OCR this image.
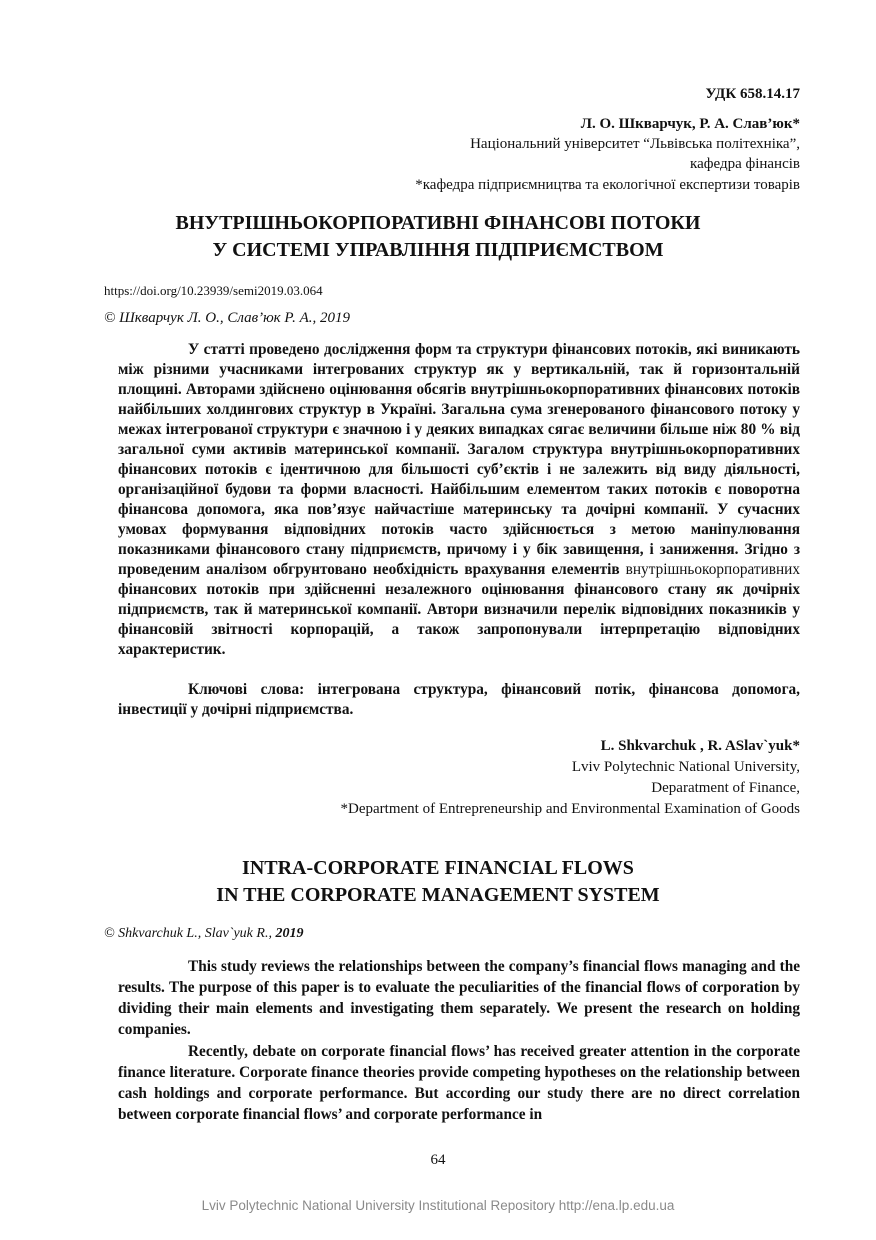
УДК 658.14.17
Л. О. Шкварчук, Р. А. Слав’юк*
Національний університет “Львівська політехніка”,
кафедра фінансів
*кафедра підприємництва та екологічної експертизи товарів
ВНУТРІШНЬОКОРПОРАТИВНІ ФІНАНСОВІ ПОТОКИ
У СИСТЕМІ УПРАВЛІННЯ ПІДПРИЄМСТВОМ
https://doi.org/10.23939/semi2019.03.064
© Шкварчук Л. О., Слав’юк Р. А., 2019

У статті проведено дослідження форм та структури фінансових потоків, які виникають між різними учасниками інтегрованих структур як у вертикальній, так й горизонтальній площині. Авторами здійснено оцінювання обсягів внутрішньокорпоративних фінансових потоків найбільших холдингових структур в Україні. Загальна сума згенерованого фінансового потоку у межах інтегрованої структури є значною і у деяких випадках сягає величини більше ніж 80 % від загальної суми активів материнської компанії. Загалом структура внутрішньокорпоративних фінансових потоків є ідентичною для більшості суб’єктів і не залежить від виду діяльності, організаційної будови та форми власності. Найбільшим елементом таких потоків є поворотна фінансова допомога, яка пов’язує найчастіше материнську та дочірні компанії. У сучасних умовах формування відповідних потоків часто здійснюється з метою маніпулювання показниками фінансового стану підприємств, причому і у бік завищення, і заниження. Згідно з проведеним аналізом обгрунтовано необхідність врахування елементів внутрішньокорпоративних фінансових потоків при здійсненні незалежного оцінювання фінансового стану як дочірніх підприємств, так й материнської компанії. Автори визначили перелік відповідних показників у фінансовій звітності корпорацій, а також запропонували інтерпретацію відповідних характеристик.

Ключові слова: інтегрована структура, фінансовий потік, фінансова допомога, інвестиції у дочірні підприємства.

L. Shkvarchuk , R. ASlav`yuk*
Lviv Polytechnic National University,
Deparatment of Finance,
*Department of Entrepreneurship and Environmental Examination of Goods
INTRA-CORPORATE FINANCIAL FLOWS
IN THE CORPORATE MANAGEMENT SYSTEM
© Shkvarchuk L., Slav`yuk R., 2019

This study reviews the relationships between the company’s financial flows managing and the results. The purpose of this paper is to evaluate the peculiarities of the financial flows of corporation by dividing their main elements and investigating them separately. We present the research on holding companies.

Recently, debate on corporate financial flows’ has received greater attention in the corporate finance literature. Corporate finance theories provide competing hypotheses on the relationship between cash holdings and corporate performance. But according our study there are no direct correlation between corporate financial flows’ and corporate performance in

64
Lviv Polytechnic National University Institutional Repository http://ena.lp.edu.ua
